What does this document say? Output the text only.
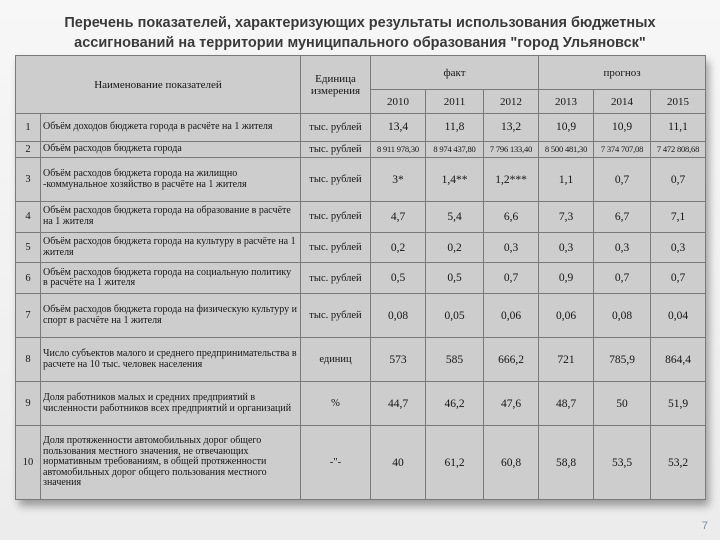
Перечень показателей, характеризующих результаты использования бюджетных
ассигнований на территории муниципального образования "город Ульяновск"
Наименование показателей		Единица измерения	факт			прогноз		
			2010	2011	2012	2013	2014	2015
1	Объём доходов бюджета города в расчёте на 1 жителя	тыс. рублей	13,4	11,8	13,2	10,9	10,9	11,1
2	Объём расходов бюджета города	тыс. рублей	8 911 978,30	8 974 437,80	7 796 133,40	8 500 481,30	7 374 707,08	7 472 808,68
3	Объём расходов бюджета города на жилищно -коммунальное хозяйство в расчёте на 1 жителя	тыс. рублей	3*	1,4**	1,2***	1,1	0,7	0,7
4	Объём расходов бюджета города на образование в расчёте на 1 жителя	тыс. рублей	4,7	5,4	6,6	7,3	6,7	7,1
5	Объём расходов бюджета города на культуру в расчёте на 1 жителя	тыс. рублей	0,2	0,2	0,3	0,3	0,3	0,3
6	Объём расходов бюджета города на социальную политику в расчёте на 1 жителя	тыс. рублей	0,5	0,5	0,7	0,9	0,7	0,7
7	Объём расходов бюджета города на физическую культуру и спорт в расчёте на 1 жителя	тыс. рублей	0,08	0,05	0,06	0,06	0,08	0,04
8	Число субъектов малого и среднего предпринимательства в расчете на 10 тыс. человек населения	единиц	573	585	666,2	721	785,9	864,4
9	Доля работников малых и средних предприятий в численности работников всех предприятий и организаций	%	44,7	46,2	47,6	48,7	50	51,9
10	Доля протяженности автомобильных дорог общего пользования местного значения, не отвечающих нормативным требованиям, в общей протяженности автомобильных дорог общего пользования местного значения	-"-	40	61,2	60,8	58,8	53,5	53,2
7
